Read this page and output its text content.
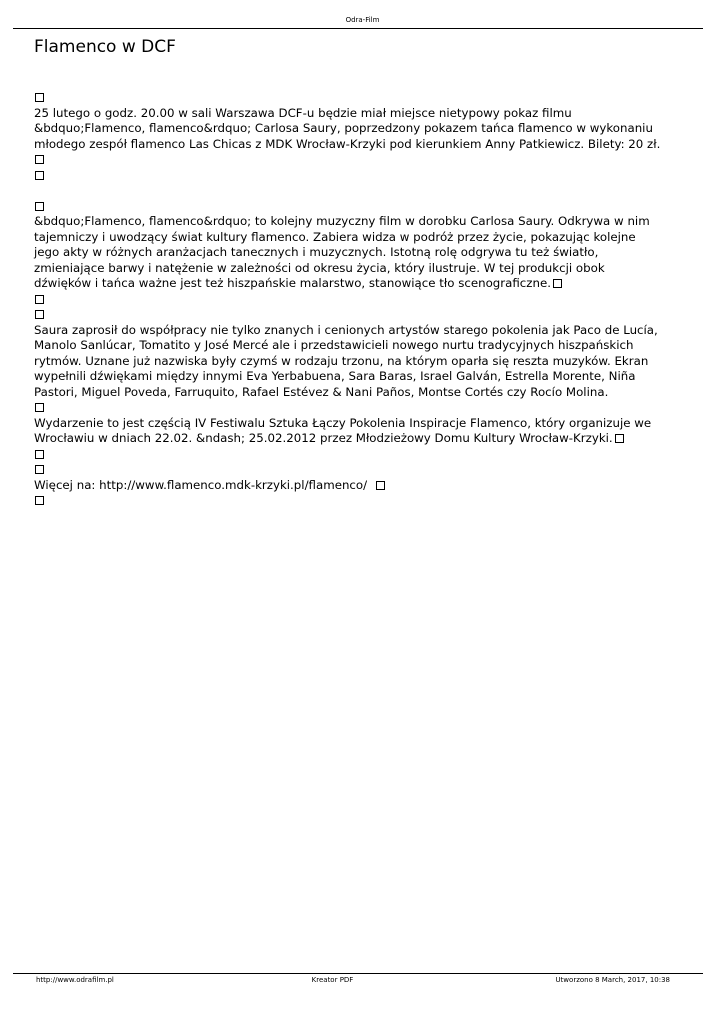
Odra-Film
Flamenco w DCF
25 lutego o godz. 20.00 w sali Warszawa DCF-u będzie miał miejsce nietypowy pokaz filmu
&bdquo;Flamenco, flamenco&rdquo; Carlosa Saury, poprzedzony pokazem tańca flamenco w wykonaniu
młodego zespół flamenco Las Chicas z MDK Wrocław-Krzyki pod kierunkiem Anny Patkiewicz. Bilety: 20 zł.
&bdquo;Flamenco, flamenco&rdquo; to kolejny muzyczny film w dorobku Carlosa Saury. Odkrywa w nim
tajemniczy i uwodzący świat kultury flamenco. Zabiera widza w podróż przez życie, pokazując kolejne
jego akty w różnych aranżacjach tanecznych i muzycznych. Istotną rolę odgrywa tu też światło,
zmieniające barwy i natężenie w zależności od okresu życia, który ilustruje. W tej produkcji obok
dźwięków i tańca ważne jest też hiszpańskie malarstwo, stanowiące tło scenograficzne.
Saura zaprosił do współpracy nie tylko znanych i cenionych artystów starego pokolenia jak Paco de Lucía,
Manolo Sanlúcar, Tomatito y José Mercé ale i przedstawicieli nowego nurtu tradycyjnych hiszpańskich
rytmów. Uznane już nazwiska były czymś w rodzaju trzonu, na którym oparła się reszta muzyków. Ekran
wypełnili dźwiękami między innymi Eva Yerbabuena, Sara Baras, Israel Galván, Estrella Morente, Niña
Pastori, Miguel Poveda, Farruquito, Rafael Estévez & Nani Paños, Montse Cortés czy Rocío Molina.
Wydarzenie to jest częścią IV Festiwalu Sztuka Łączy Pokolenia Inspiracje Flamenco, który organizuje we
Wrocławiu w dniach 22.02. &ndash; 25.02.2012 przez Młodzieżowy Domu Kultury Wrocław-Krzyki.
Więcej na: http://www.flamenco.mdk-krzyki.pl/flamenco/
http://www.odrafilm.pl	Kreator PDF	Utworzono 8 March, 2017, 10:38
